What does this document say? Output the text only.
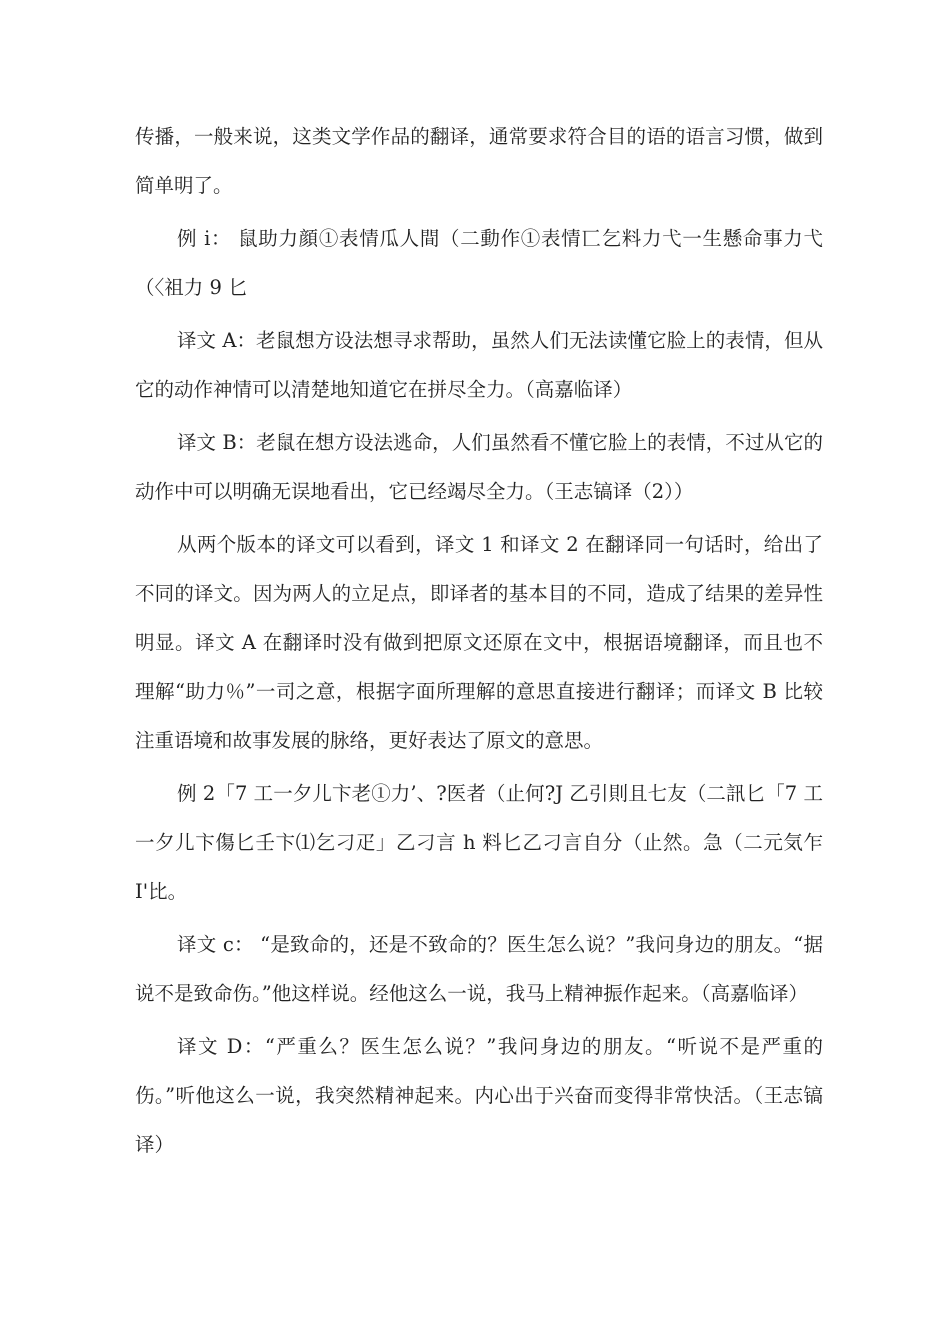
传播，一般来说，这类文学作品的翻译，通常要求符合目的语的语言习惯，做到简单明了。

例 i： 鼠助力顔①表情瓜人間（二動作①表情匸乞料力弋一生懸命事力弋（〈祖力 9 匕

译文 A：老鼠想方设法想寻求帮助，虽然人们无法读懂它脸上的表情，但从它的动作神情可以清楚地知道它在拼尽全力。（高嘉临译）

译文 B：老鼠在想方设法逃命，人们虽然看不懂它脸上的表情，不过从它的动作中可以明确无误地看出，它已经竭尽全力。（王志镐译（2））

从两个版本的译文可以看到，译文 1 和译文 2 在翻译同一句话时，给出了不同的译文。因为两人的立足点，即译者的基本目的不同，造成了结果的差异性明显。译文 A 在翻译时没有做到把原文还原在文中，根据语境翻译，而且也不理解“助力％”一司之意，根据字面所理解的意思直接进行翻译；而译文 B 比较注重语境和故事发展的脉络，更好表达了原文的意思。

例 2「7 工一夕儿卞老①力’、?医者（止何?J 乙引則且七友（二訊匕「7 工一夕儿卞傷匕壬卞⑴乞刁疋」乙刁言 h 料匕乙刁言自分（止然。急（二元気乍 I'比。

译文 c： “是致命的，还是不致命的？医生怎么说？”我问身边的朋友。“据说不是致命伤。”他这样说。经他这么一说，我马上精神振作起来。（高嘉临译）

译文 D：“严重么？医生怎么说？”我问身边的朋友。“听说不是严重的伤。”听他这么一说，我突然精神起来。内心出于兴奋而变得非常快活。（王志镐译）
